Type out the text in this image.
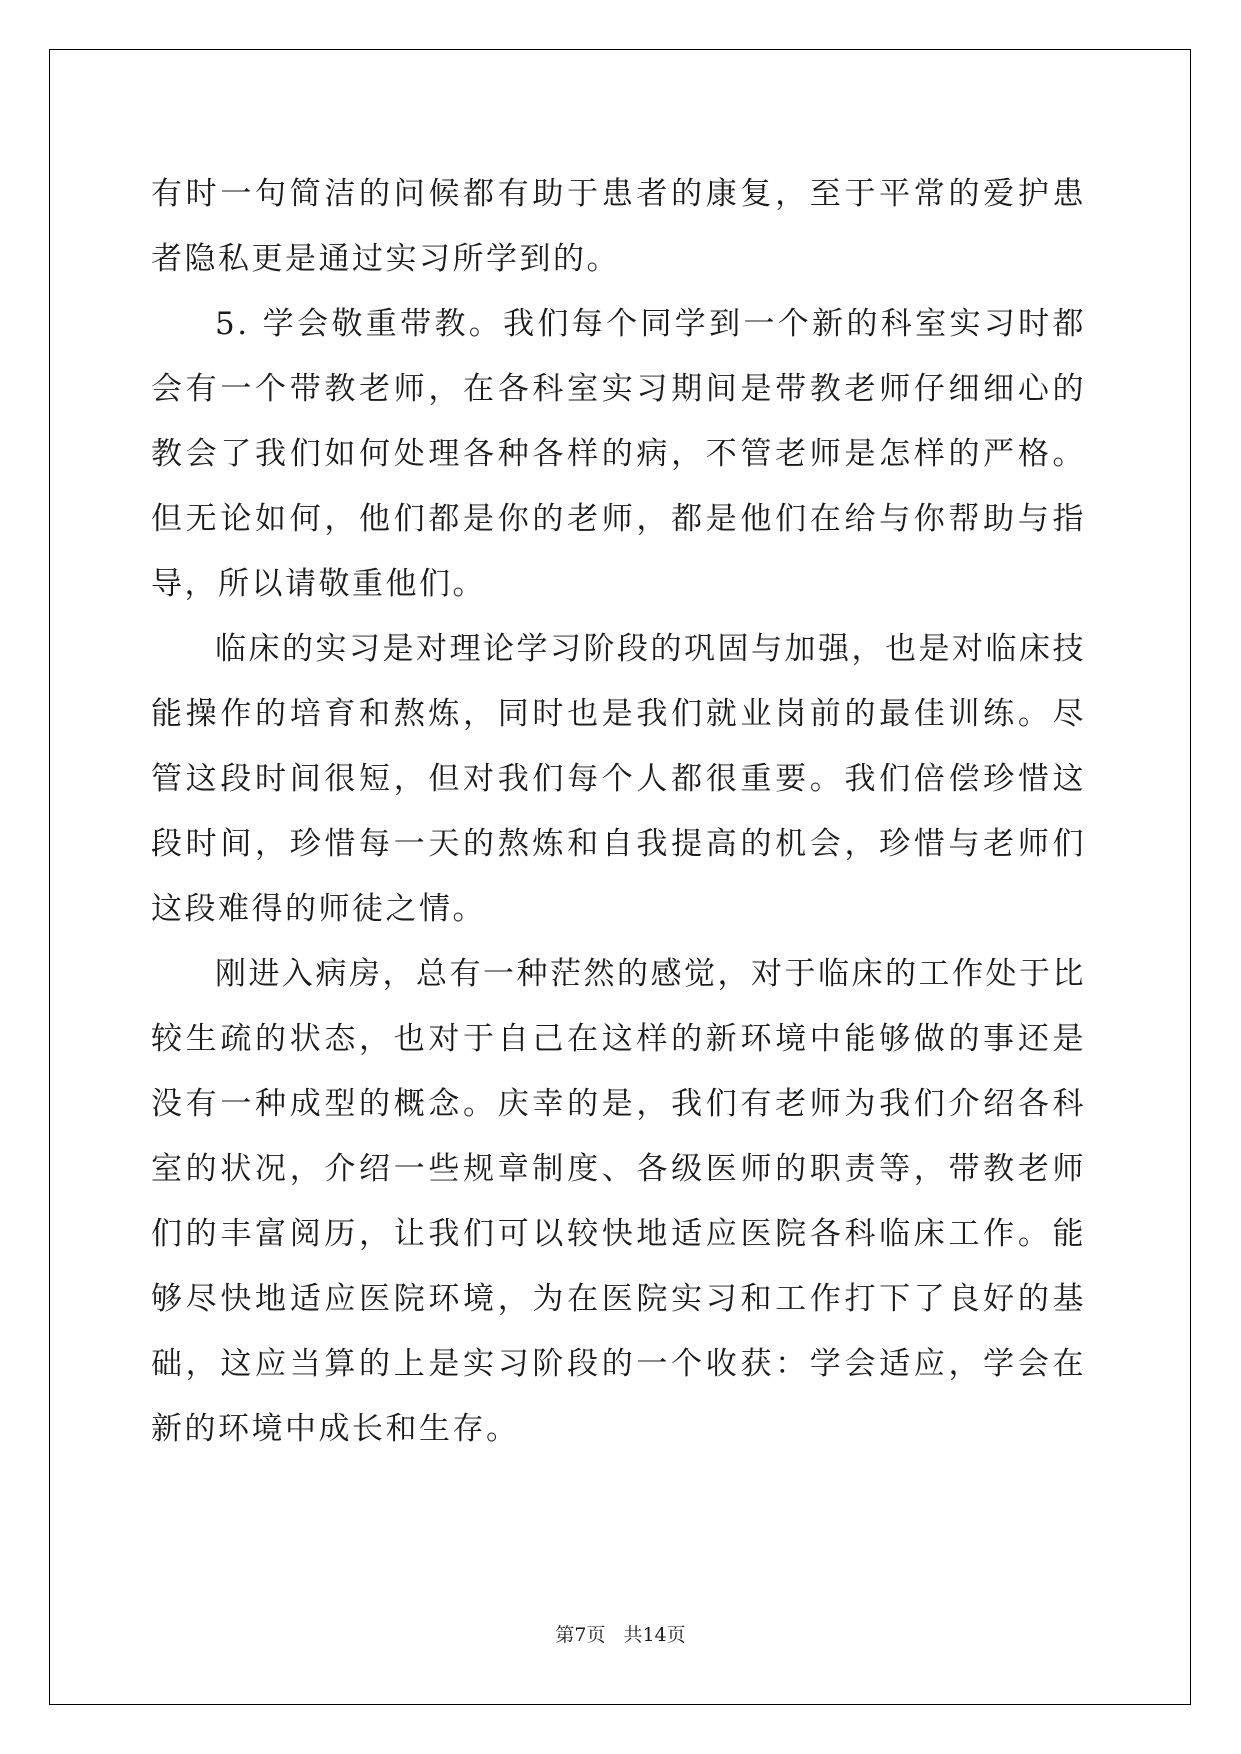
有时一句简洁的问候都有助于患者的康复，至于平常的爱护患者隐私更是通过实习所学到的。

5. 学会敬重带教。我们每个同学到一个新的科室实习时都会有一个带教老师，在各科室实习期间是带教老师仔细细心的教会了我们如何处理各种各样的病，不管老师是怎样的严格。但无论如何，他们都是你的老师，都是他们在给与你帮助与指导，所以请敬重他们。

临床的实习是对理论学习阶段的巩固与加强，也是对临床技能操作的培育和熬炼，同时也是我们就业岗前的最佳训练。尽管这段时间很短，但对我们每个人都很重要。我们倍偿珍惜这段时间，珍惜每一天的熬炼和自我提高的机会，珍惜与老师们这段难得的师徒之情。

刚进入病房，总有一种茫然的感觉，对于临床的工作处于比较生疏的状态，也对于自己在这样的新环境中能够做的事还是没有一种成型的概念。庆幸的是，我们有老师为我们介绍各科室的状况，介绍一些规章制度、各级医师的职责等，带教老师们的丰富阅历，让我们可以较快地适应医院各科临床工作。能够尽快地适应医院环境，为在医院实习和工作打下了良好的基础，这应当算的上是实习阶段的一个收获：学会适应，学会在新的环境中成长和生存。

第7页 共14页
